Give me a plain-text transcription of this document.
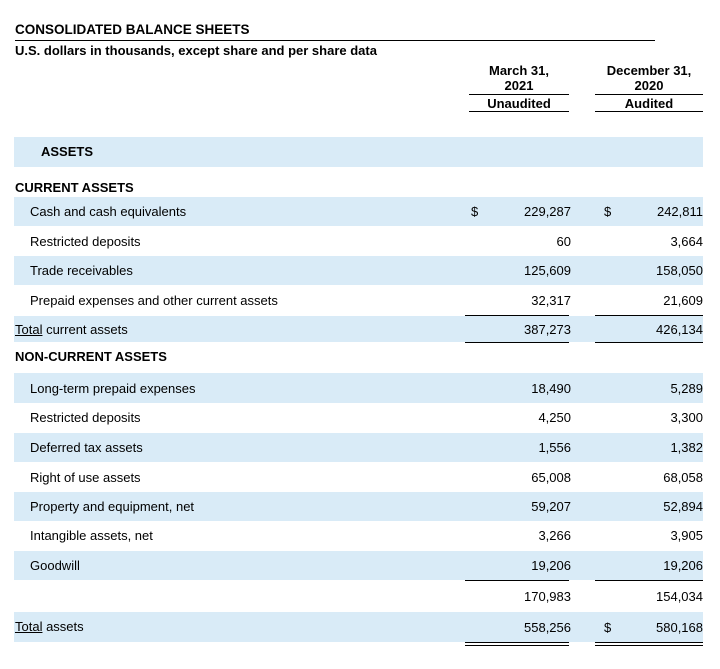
CONSOLIDATED BALANCE SHEETS
U.S. dollars in thousands, except share and per share data
March 31,
2021
Unaudited
December 31,
2020
Audited
ASSETS
CURRENT ASSETS
Cash and cash equivalents	$	229,287	$	242,811
Restricted deposits	60	3,664
Trade receivables	125,609	158,050
Prepaid expenses and other current assets	32,317	21,609
Total current assets	387,273	426,134
NON-CURRENT ASSETS
Long-term prepaid expenses	18,490	5,289
Restricted deposits	4,250	3,300
Deferred tax assets	1,556	1,382
Right of use assets	65,008	68,058
Property and equipment, net	59,207	52,894
Intangible assets, net	3,266	3,905
Goodwill	19,206	19,206
170,983	154,034
Total assets	558,256	$	580,168
